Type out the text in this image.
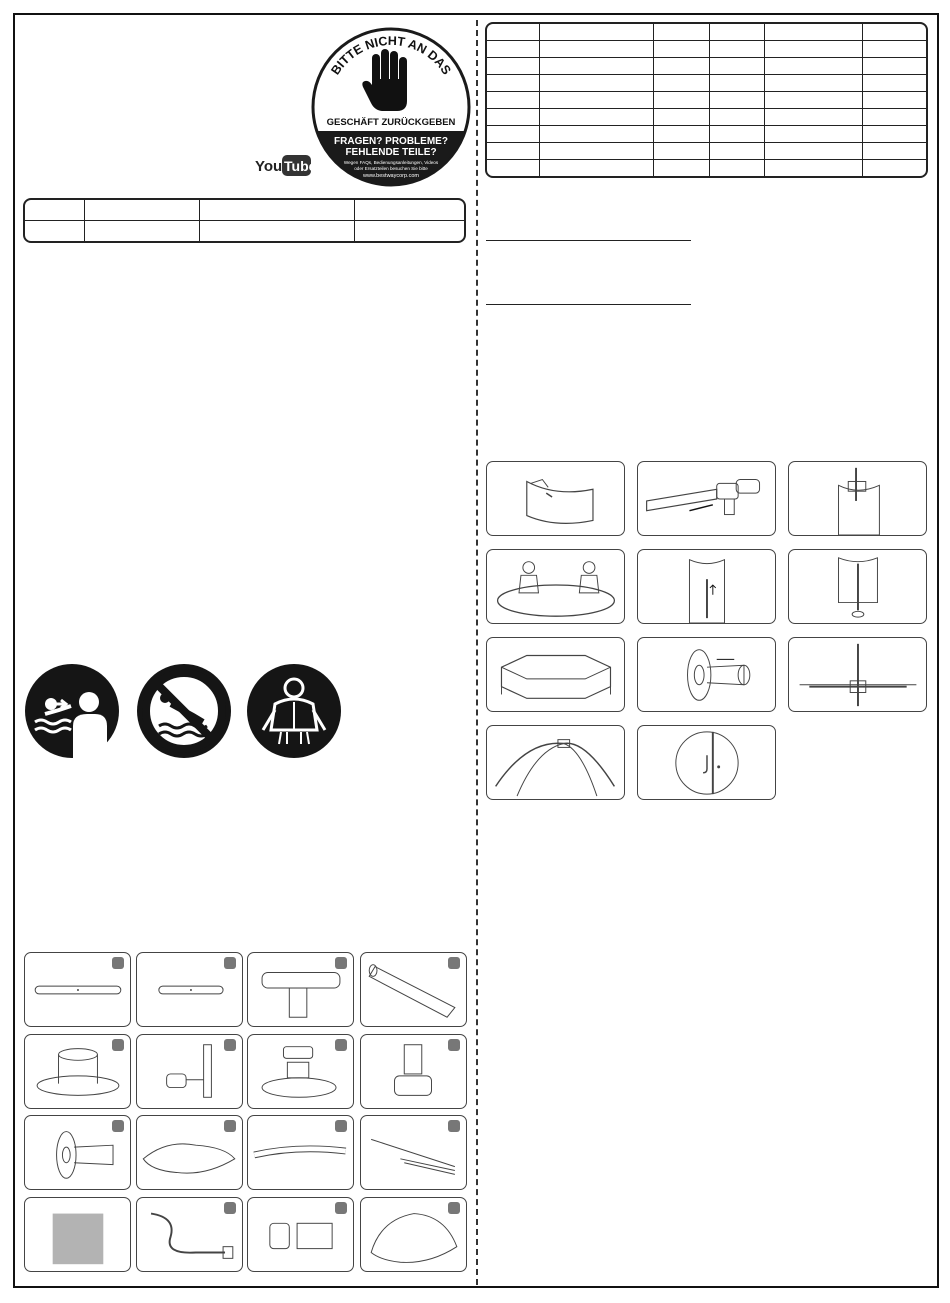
BITTE NICHT AN DAS
GESCHÄFT ZURÜCKGEBEN
FRAGEN? PROBLEME?
FEHLENDE TEILE?
Wegen FAQs, Bedienungsanleitungen, Videos
oder Ersatzteilen besuchen Sie bitte
www.bestwaycorp.com
You Tube
